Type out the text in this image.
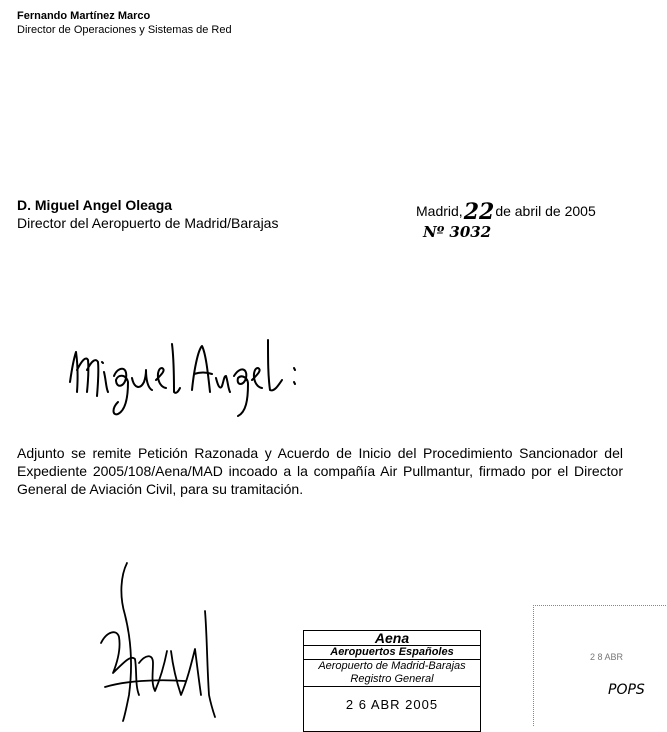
Fernando Martínez Marco
Director de Operaciones y Sistemas de Red
D. Miguel Angel Oleaga
Director del Aeropuerto de Madrid/Barajas
Madrid,22de abril de 2005
Nº 3032
Adjunto se remite Petición Razonada y Acuerdo de Inicio del Procedimiento Sancionador del Expediente 2005/108/Aena/MAD incoado a la compañía Air Pullmantur, firmado por el Director General de Aviación Civil, para su tramitación.
Aena
Aeropuertos Españoles
Aeropuerto de Madrid-Barajas
Registro General
2 6 ABR 2005
2 8 ABR
POPS
